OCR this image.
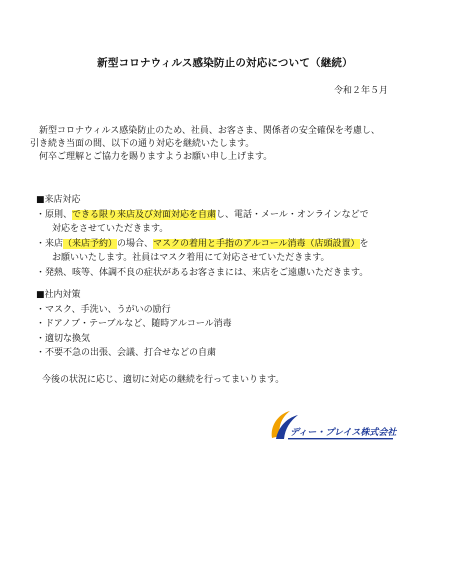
新型コロナウィルス感染防止の対応について（継続）
令和２年５月

新型コロナウィルス感染防止のため、社員、お客さま、関係者の安全確保を考慮し、

引き続き当面の間、以下の通り対応を継続いたします。

何卒ご理解とご協力を賜りますようお願い申し上げます。

■来店対応
・原則、できる限り来店及び対面対応を自粛し、電話・メール・オンラインなどで
対応をさせていただきます。
・来店（来店予約）の場合、マスクの着用と手指のアルコール消毒（店頭設置）を
お願いいたします。社員はマスク着用にて対応させていただきます。
・発熱、咳等、体調不良の症状があるお客さまには、来店をご遠慮いただきます。
■社内対策
・マスク、手洗い、うがいの励行
・ドアノブ・テーブルなど、随時アルコール消毒
・適切な換気
・不要不急の出張、会議、打合せなどの自粛
今後の状況に応じ、適切に対応の継続を行ってまいります。
ディー・プレイス株式会社
